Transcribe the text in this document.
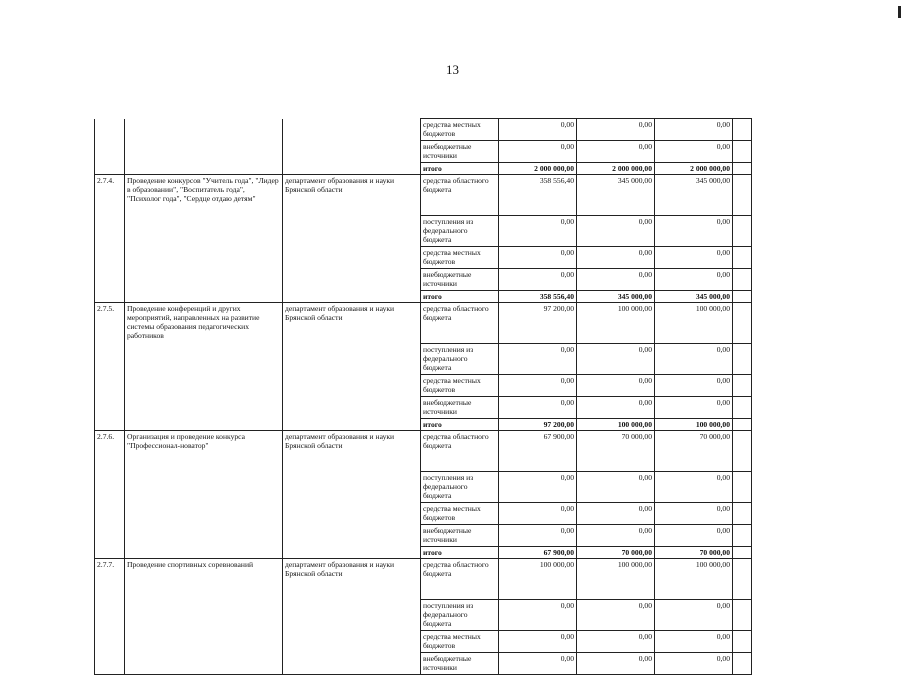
13
			средства местных бюджетов	0,00	0,00	0,00	
			внебюджетные источники	0,00	0,00	0,00	
			итого	2 000 000,00	2 000 000,00	2 000 000,00	
2.7.4.	Проведение конкурсов "Учитель года", "Лидер в образовании", "Воспитатель года", "Психолог года", "Сердце отдаю детям"	департамент образования и науки Брянской области	средства областного бюджета	358 556,40	345 000,00	345 000,00	
			поступления из федерального бюджета	0,00	0,00	0,00	
			средства местных бюджетов	0,00	0,00	0,00	
			внебюджетные источники	0,00	0,00	0,00	
			итого	358 556,40	345 000,00	345 000,00	
2.7.5.	Проведение конференций и других мероприятий, направленных на развитие системы образования педагогических работников	департамент образования и науки Брянской области	средства областного бюджета	97 200,00	100 000,00	100 000,00	
			поступления из федерального бюджета	0,00	0,00	0,00	
			средства местных бюджетов	0,00	0,00	0,00	
			внебюджетные источники	0,00	0,00	0,00	
			итого	97 200,00	100 000,00	100 000,00	
2.7.6.	Организация и проведение конкурса "Профессионал-новатор"	департамент образования и науки Брянской области	средства областного бюджета	67 900,00	70 000,00	70 000,00	
			поступления из федерального бюджета	0,00	0,00	0,00	
			средства местных бюджетов	0,00	0,00	0,00	
			внебюджетные источники	0,00	0,00	0,00	
			итого	67 900,00	70 000,00	70 000,00	
2.7.7.	Проведение спортивных соревнований	департамент образования и науки Брянской области	средства областного бюджета	100 000,00	100 000,00	100 000,00	
			поступления из федерального бюджета	0,00	0,00	0,00	
			средства местных бюджетов	0,00	0,00	0,00	
			внебюджетные источники	0,00	0,00	0,00	
